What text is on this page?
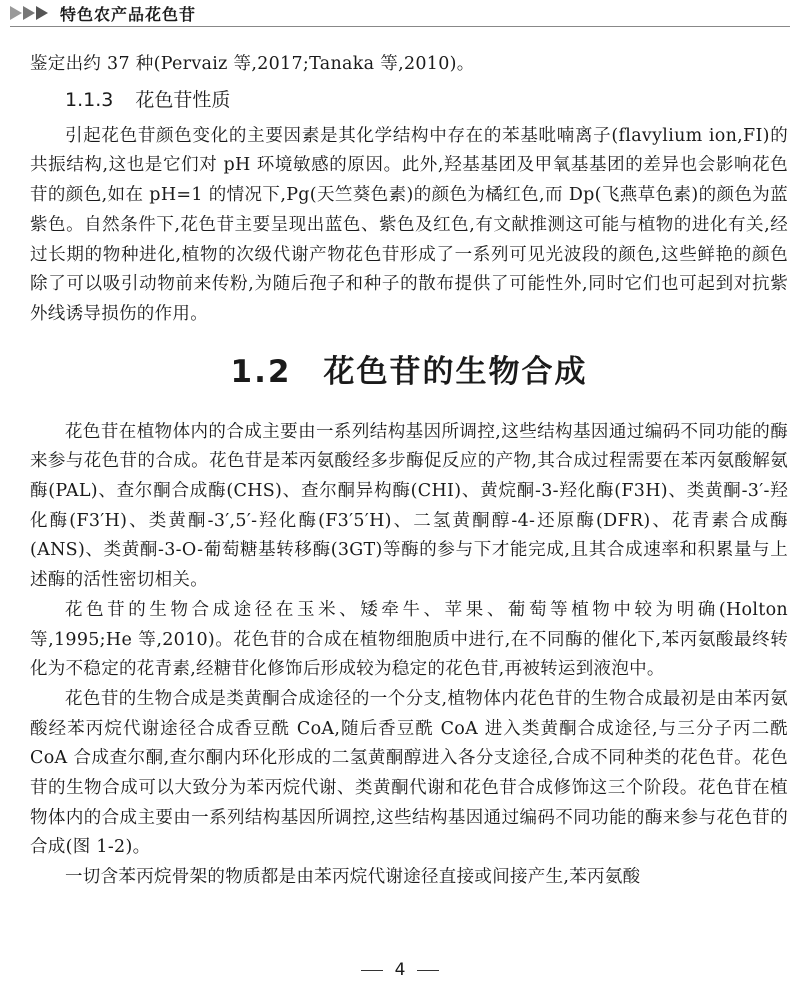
特色农产品花色苷

鉴定出约 37 种(Pervaiz 等,2017;Tanaka 等,2010)。

1.1.3 花色苷性质

引起花色苷颜色变化的主要因素是其化学结构中存在的苯基吡喃离子(flavylium ion,FI)的共振结构,这也是它们对 pH 环境敏感的原因。此外,羟基基团及甲氧基基团的差异也会影响花色苷的颜色,如在 pH=1 的情况下,Pg(天竺葵色素)的颜色为橘红色,而 Dp(飞燕草色素)的颜色为蓝紫色。自然条件下,花色苷主要呈现出蓝色、紫色及红色,有文献推测这可能与植物的进化有关,经过长期的物种进化,植物的次级代谢产物花色苷形成了一系列可见光波段的颜色,这些鲜艳的颜色除了可以吸引动物前来传粉,为随后孢子和种子的散布提供了可能性外,同时它们也可起到对抗紫外线诱导损伤的作用。

1.2 花色苷的生物合成

花色苷在植物体内的合成主要由一系列结构基因所调控,这些结构基因通过编码不同功能的酶来参与花色苷的合成。花色苷是苯丙氨酸经多步酶促反应的产物,其合成过程需要在苯丙氨酸解氨酶(PAL)、查尔酮合成酶(CHS)、查尔酮异构酶(CHI)、黄烷酮-3-羟化酶(F3H)、类黄酮-3′-羟化酶(F3′H)、类黄酮-3′,5′-羟化酶(F3′5′H)、二氢黄酮醇-4-还原酶(DFR)、花青素合成酶(ANS)、类黄酮-3-O-葡萄糖基转移酶(3GT)等酶的参与下才能完成,且其合成速率和积累量与上述酶的活性密切相关。

花色苷的生物合成途径在玉米、矮牵牛、苹果、葡萄等植物中较为明确(Holton 等,1995;He 等,2010)。花色苷的合成在植物细胞质中进行,在不同酶的催化下,苯丙氨酸最终转化为不稳定的花青素,经糖苷化修饰后形成较为稳定的花色苷,再被转运到液泡中。

花色苷的生物合成是类黄酮合成途径的一个分支,植物体内花色苷的生物合成最初是由苯丙氨酸经苯丙烷代谢途径合成香豆酰 CoA,随后香豆酰 CoA 进入类黄酮合成途径,与三分子丙二酰 CoA 合成查尔酮,查尔酮内环化形成的二氢黄酮醇进入各分支途径,合成不同种类的花色苷。花色苷的生物合成可以大致分为苯丙烷代谢、类黄酮代谢和花色苷合成修饰这三个阶段。花色苷在植物体内的合成主要由一系列结构基因所调控,这些结构基因通过编码不同功能的酶来参与花色苷的合成(图 1-2)。

一切含苯丙烷骨架的物质都是由苯丙烷代谢途径直接或间接产生,苯丙氨酸

4
